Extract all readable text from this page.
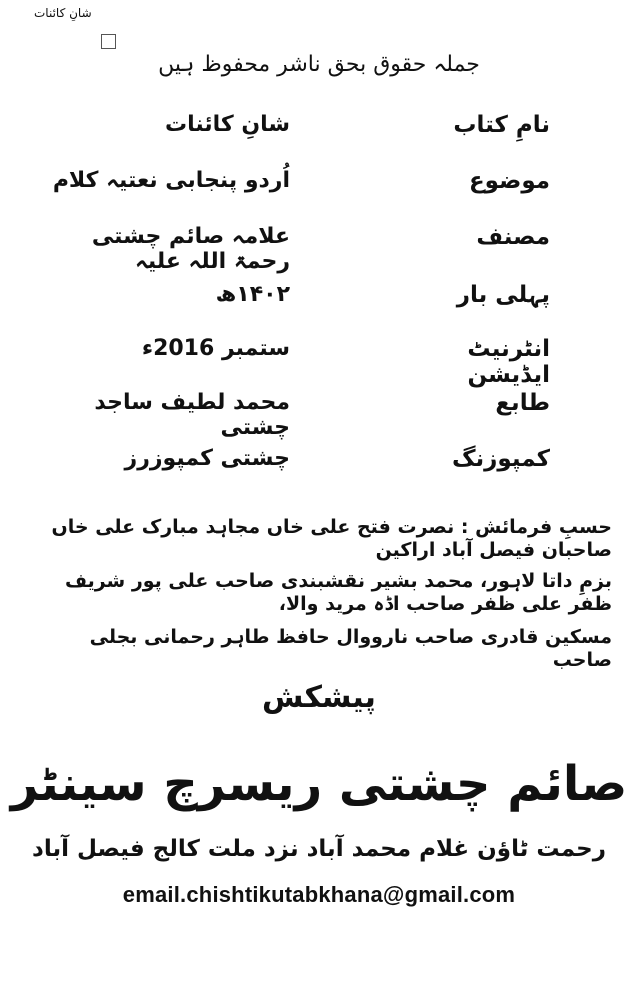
شانِ کائنات
جملہ حقوق بحق ناشر محفوظ ہیں
نامِ کتاب
شانِ کائنات
موضوع
اُردو پنجابی نعتیہ کلام
مصنف
علامہ صائم چشتی رحمۃ اللہ علیہ
پہلی بار
۱۴۰۲ھ
انٹرنیٹ ایڈیشن
ستمبر 2016ء
طابع
محمد لطیف ساجد چشتی
کمپوزنگ
چشتی کمپوزرز
حسبِ فرمائش : نصرت فتح علی خاں مجاہد مبارک علی خاں صاحبان فیصل آباد اراکین
بزمِ داتا لاہور، محمد بشیر نقشبندی صاحب علی پور شریف ظفر علی ظفر صاحب اڈہ مرید والا،
مسکین قادری صاحب نارووال حافظ طاہر رحمانی بجلی صاحب
پیشکش
صائم چشتی ریسرچ سینٹر
رحمت ٹاؤن غلام محمد آباد نزد ملت کالج فیصل آباد
email.chishtikutabkhana@gmail.com
